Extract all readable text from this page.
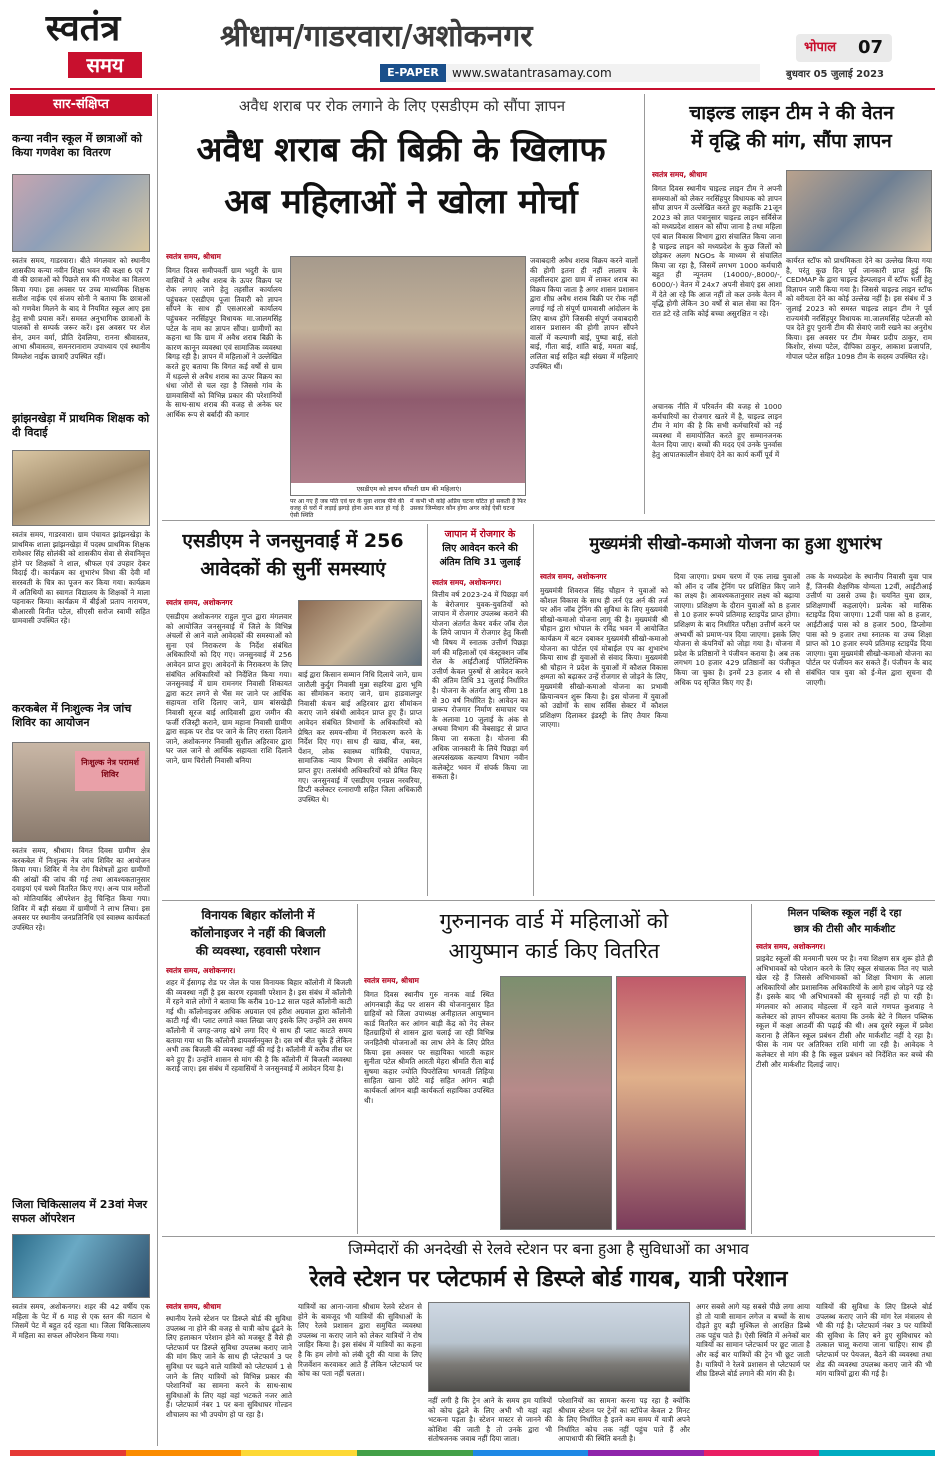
स्वतंत्र
समय
श्रीधाम/गाडरवारा/अशोकनगर
E-PAPER	www.swatantrasamay.com
भोपाल 07
बुधवार 05 जुलाई 2023
सार-संक्षिप्त
कन्या नवीन स्कूल में छात्राओं को किया गणवेश का वितरण
स्वतंत्र समय, गाडरवारा। बीते मंगलवार को स्थानीय शासकीय कन्या नवीन शिक्षा भवन की कक्षा 6 एवं 7 वी की छात्राओं को पिछले सत्र की गणवेश का वितरण किया गया। इस अवसर पर उच्च माध्यमिक शिक्षक सतीश नाईक एवं संजय सोनी ने बताया कि छात्राओं को गणवेश मिलने के बाद वे नियमित स्कूल आए इस हेतु सभी प्रयास करें। समस्त अनुभागिक छात्राओं के पालकों से सम्पर्क जरूर करें। इस अवसर पर शेल सेन, उमन वर्मा, प्रीति देवलिया, रानना श्रीवास्तव, आभा श्रीवास्तव, समनरानाराम उपाध्याय एवं स्थानीय विमलेश नाईक छात्राएँ उपस्थित रहीं।
झांझनखेड़ा में प्राथमिक शिक्षक को दी विदाई
स्वतंत्र समय, गाडरवारा। ग्राम पंचायत झांझनखेड़ा के प्राथमिक शाला झांझनखेड़ा में पदस्थ प्राथमिक शिक्षक रामेश्वर सिंह सोलंकी को शासकीय सेवा से सेवानिवृत्त होने पर शिक्षकों ने शाल, श्रीफल एवं उपहार देकर विदाई दी। कार्यक्रम का शुभारंभ विधा की देवी माँ सरस्वती के चित्र का पूजन कर किया गया। कार्यक्रम में अतिथियों का स्वागत विद्यालय के शिक्षकों ने माला पहनाकर किया। कार्यक्रम में बीईओ प्रताप नारायण, बीआरसी विनीत पटेल, सीएसी सरोज स्वामी सहित ग्रामवासी उपस्थित रहे।
करकबेल में निःशुल्क नेत्र जांच शिविर का आयोजन
निःशुल्क नेत्र परामर्श शिविर
स्वतंत्र समय, श्रीधाम। विगत दिवस ग्रामीण क्षेत्र करकबेल में निःशुल्क नेत्र जांच शिविर का आयोजन किया गया। शिविर में नेत्र रोग विशेषज्ञों द्वारा ग्रामीणों की आंखों की जांच की गई तथा आवश्यकतानुसार दवाइयां एवं चश्मे वितरित किए गए। अन्य पात्र मरीजों को मोतियाबिंद ऑपरेशन हेतु चिन्हित किया गया। शिविर में बड़ी संख्या में ग्रामीणों ने लाभ लिया। इस अवसर पर स्थानीय जनप्रतिनिधि एवं स्वास्थ्य कार्यकर्ता उपस्थित रहे।
जिला चिकित्सालय में 23वां मेजर सफल ऑपरेशन
स्वतंत्र समय, अशोकनगर। शहर की 42 वर्षीय एक महिला के पेट में 6 माह से एक स्तन की गठान थे जिसमें पेट में बहुत दर्द रहता था। जिला चिकित्सालय में महिला का सफल ऑपरेशन किया गया।
अवैध शराब पर रोक लगाने के लिए एसडीएम को सौंपा ज्ञापन
अवैध शराब की बिक्री के खिलाफ
अब महिलाओं ने खोला मोर्चा
स्वतंत्र समय, श्रीधाम
विगत दिवस समीपवर्ती ग्राम भदुरी के ग्राम वासियों ने अवैध शराब के ऊपर विक्रय पर रोक लगाए जाने हेतु तहसील कार्यालय पहुंचकर एसडीएम पूजा तिवारी को ज्ञापन सौंपने के साथ ही एसआरओ कार्यालय पहुंचकर नरसिंहपुर विधायक मा.जालमसिंह पटेल के नाम का ज्ञापन सौंपा। ग्रामीणों का कहना था कि ग्राम में अवैध शराब बिक्री के कारण कानून व्यवस्था एवं सामाजिक व्यवस्था बिगड़ रही है। ज्ञापन में महिलाओं ने उल्लेखित करते हुए बताया कि विगत कई वर्षों से ग्राम में धड़ल्ले से अवैध शराब का ऊपर विक्रय का धंधा जोरों से चल रहा है जिससे गांव के ग्रामवासियों को विभिन्न प्रकार की परेशानियों के साथ-साथ शराब की वजह से अनेक घर आर्थिक रूप से बर्बादी की कगार
एसडीएम को ज्ञापन सौंपती ग्राम की महिलाएं।
पर आ गए हैं जब पति एवं घर के युवा शराब पीने की वजह से घरों में लड़ाई झगड़े होना आम बात हो गई है ऐसी स्थिति
में कभी भी कोई अप्रिय घटना घटित हो सकती है फिर उसका जिम्मेदार कौन होगा अगर कोई ऐसी घटना
जवाबदारी अवैध शराब विक्रय करने वालों की होगी इतना ही नहीं लालाच के तहसीलदार द्वारा ग्राम में लाकर शराब का विक्रय किया जाता है अगर शासन प्रशासन द्वारा शीघ्र अवैध शराब बिक्री पर रोक नहीं लगाई गई तो संपूर्ण ग्रामवासी आंदोलन के लिए बाध्य होंगे जिसकी संपूर्ण जवाबदारी शासन प्रशासन की होगी ज्ञापन सौंपने वालों में कल्याणी बाई, पुष्पा बाई, संतो बाई, गीता बाई, शांति बाई, ममता बाई, ललिता बाई सहित बड़ी संख्या में महिलाएं उपस्थित थीं।
चाइल्ड लाइन टीम ने की वेतन
में वृद्धि की मांग, सौंपा ज्ञापन
स्वतंत्र समय, श्रीधाम
विगत दिवस स्थानीय चाइल्ड लाइन टीम ने अपनी समस्याओं को लेकर नरसिंहपुर विधायक को ज्ञापन सौंपा ज्ञापन में उल्लेखित करते हुए कहाकि 21जून 2023 को ज्ञात पत्रानुसार चाइल्ड लाइन सर्विसेज को मध्यप्रदेश शासन को सौंपा जाना है तथा महिला एवं बाल विकास विभाग द्वारा संचालित किया जाना है चाइल्ड लाइन को मध्यप्रदेश के कुछ जिलों को छोड़कर अलग NGOs के माध्यम से संचालित किया जा रहा है, जिसमें लगभग 1000 कर्मचारी बहुत ही न्यूनतम (14000/-,8000/-, 6000/-) वेतन में 24x7 अपनी सेवाएं इस आशा में देते आ रहे कि आज नहीं तो कल उनके वेतन में वृद्धि होगी लेकिन 30 वर्षों से बाल सेवा का दिन-रात डटे रहे ताकि कोई बच्चा असुरक्षित न रहे।
अचानक नीति में परिवर्तन की वजह से 1000 कर्मचारियों का रोजगार खतरे में है, चाइल्ड लाइन टीम ने मांग की है कि सभी कर्मचारियों को नई व्यवस्था में समायोजित करते हुए सम्मानजनक वेतन दिया जाए। बच्चों की मदद एवं उनके पुनर्वास हेतु आपातकालीन सेवाएं देने का कार्य कर्मी पूर्व में
कार्यरत स्टॉफ को प्राथमिकता देने का उल्लेख किया गया है, परंतु कुछ दिन पूर्व जानकारी प्राप्त हुई कि CEDMAP के द्वारा चाइल्ड हेल्पलाइन में स्टॉफ भर्ती हेतु विज्ञापन जारी किया गया है। जिससे चाइल्ड लाइन स्टॉफ को वरीयता देने का कोई उल्लेख नहीं है। इस संबंध में 3 जुलाई 2023 को समस्त चाइल्ड लाइन टीम ने पूर्व राज्यमंत्री नरसिंहपुर विधायक मा.जालमसिंह पटेलजी को पत्र देते हुए पुरानी टीम की सेवाएं जारी रखने का अनुरोध किया। इस अवसर पर टीम मेम्बर प्रदीप ठाकुर, राम किशोर, संध्या पटेल, दीपिका ठाकुर, आकाश प्रजापति, गोपाल पटेल सहित 1098 टीम के सदस्य उपस्थित रहे।
एसडीएम ने जनसुनवाई में 256
आवेदकों की सुनीं समस्याएं
स्वतंत्र समय, अशोकनगर
एसडीएम अशोकनगर राहुल गुप्त द्वारा मंगलवार को आयोजित जनसुनवाई में जिले के विभिन्न अंचलों से आने वाले आवेदकों की समस्याओं को सुना एवं निराकरण के निर्देश संबंधित अधिकारियों को दिए गए। जनसुनवाई में 256 आवेदन प्राप्त हुए। आवेदनों के निराकरण के लिए संबंधित अधिकारियों को निर्देशित किया गया। जनसुनवाई में ग्राम रामनगर निवासी शिकायत द्वारा कटर लगने से भैंस मर जाने पर आर्थिक सहायता राशि दिलाए जाने, ग्राम बांसखेड़ी निवासी सूरज बाई आदिवासी द्वारा जमीन की फर्जी रजिस्ट्री कराने, ग्राम महाना निवासी ग्रामीण द्वारा सड़क पर रोड पर जाने के लिए रास्ता दिलाने जाने, अशोकनगर निवासी सुशील अहिरवार द्वारा घर जल जाने से आर्थिक सहायता राशि दिलाने जाने, ग्राम चिरोली निवासी बनिया
बाई द्वारा किसान सम्मान निधि दिलाये जाने, ग्राम जारौली कुर्दुग निवासी मुन्ना सहरिया द्वारा भूमि का सीमांकन कराए जाने, ग्राम हाडवालपुर निवासी कंचन बाई अहिरवार द्वारा सीमांकन कराए जाने संबंधी आवेदन प्राप्त हुए हैं। प्राप्त आवेदन संबंधित विभागों के अधिकारियों को प्रेषित कर समय-सीमा में निराकरण करने के निर्देश दिए गए। साथ ही खाद्य, बीज, बस, पेंशन, लोक स्वास्थ्य यांत्रिकी, पंचायत, सामाजिक न्याय विभाग से संबंधित आवेदन प्राप्त हुए। तत्संबंधी अधिकारियों को प्रेषित किए गए। जनसुनवाई में एसडीएम एनप्रस नरवरिया, डिप्टी कलेक्टर रत्नाराणी सहित जिला अधिकारी उपस्थित थे।
जापान में रोजगार के
लिए आवेदन करने की
अंतिम तिथि 31 जुलाई
स्वतंत्र समय, अशोकनगर।
वित्तीय वर्ष 2023-24 में पिछड़ा वर्ग के बेरोजगार युवक-युवतियों को जापान में रोजगार उपलब्ध कराने की योजना अंतर्गत केयर वर्कर जॉब रोल के लिये जापान में रोजगार हेतु किसी भी विषय में स्नातक उत्तीर्ण पिछड़ा वर्ग की महिलाओं एवं कंस्ट्रक्शन जॉब रोल के आईटीआई पॉलिटेक्निक उत्तीर्ण केवल पुरुषों से आवेदन करने की अंतिम तिथि 31 जुलाई निर्धारित है। योजना के अंतर्गत आयु सीमा 18 से 30 वर्ष निर्धारित है। आवेदन का प्रारूप रोजगार निर्माण समाचार पत्र के अलावा 10 जुलाई के अंक से अथवा विभाग की वेबसाइट से प्राप्त किया जा सकता है। योजना की अधिक जानकारी के लिये पिछड़ा वर्ग अल्पसंख्यक कल्याण विभाग नवीन कलेक्ट्रेट भवन में संपर्क किया जा सकता है।
मुख्यमंत्री सीखो-कमाओ योजना का हुआ शुभारंभ
स्वतंत्र समय, अशोकनगर
मुख्यमंत्री शिवराज सिंह चौहान ने युवाओं को कौशल विकास के साथ ही लर्न एंड अर्न की तर्ज पर ऑन जॉब ट्रेनिंग की सुविधा के लिए मुख्यमंत्री सीखो-कमाओ योजना लागू की है। मुख्यमंत्री श्री चौहान द्वारा भोपाल के रविंद्र भवन में आयोजित कार्यक्रम में बटन दबाकर मुख्यमंत्री सीखो-कमाओ योजना का पोर्टल एवं मोबाईल एप का शुभारंभ किया साथ ही युवाओं से संवाद किया। मुख्यमंत्री श्री चौहान ने प्रदेश के युवाओं में कौशल विकास क्षमता को बढ़ाकर उन्हें रोजगार से जोड़ने के लिए, मुख्यमंत्री सीखो-कमाओ योजना का प्रभावी क्रियान्वयन शुरू किया है। इस योजना में युवाओं को उद्योगों के साथ सर्विस सेक्टर में कौशल प्रशिक्षण दिलाकर इंडस्ट्री के लिए तैयार किया जाएगा।
दिया जाएगा। प्रथम चरण में एक लाख युवाओं को ऑन द जॉब ट्रेनिंग पर प्रशिक्षित किए जाने का लक्ष्य है। आवश्यकतानुसार लक्ष्य को बढ़ाया जाएगा। प्रशिक्षण के दौरान युवाओं को 8 हजार से 10 हजार रूपये प्रतिमाह स्टाइपेंड प्राप्त होगा। प्रशिक्षण के बाद निर्धारित परीक्षा उत्तीर्ण करने पर अभ्यर्थी को प्रमाण-पत्र दिया जाएगा। इसके लिए योजना से कंपनियों को जोड़ा गया है। योजना में प्रदेश के प्रतिष्ठानों ने पंजीयन कराया है। अब तक लगभग 10 हजार 429 प्रतिष्ठानों का पंजीकृत किया जा चुका है। इनमें 23 हजार 4 सौ से अधिक पद सृजित किए गए हैं।
तक के मध्यप्रदेश के स्थानीय निवासी युवा पात्र हैं, जिनकी शैक्षणिक योग्यता 12वीं, आईटीआई उत्तीर्ण या उससे उच्च है। चयनित युवा छात्र, प्रशिक्षणार्थी कहलाएंगे। प्रत्येक को मासिक स्टाइपेंड दिया जाएगा। 12वीं पास को 8 हजार, आईटीआई पास को 8 हजार 500, डिप्लोमा पास को 9 हजार तथा स्नातक या उच्च शिक्षा प्राप्त को 10 हजार रुपये प्रतिमाह स्टाइपेंड दिया जाएगा। युवा मुख्यमंत्री सीखो-कमाओ योजना का पोर्टल पर पंजीयन कर सकते हैं। पंजीयन के बाद संबंधित पात्र युवा को ई-मेल द्वारा सूचना दी जाएगी।
विनायक बिहार कॉलोनी में
कॉलोनाइजर ने नहीं की बिजली
की व्यवस्था, रहवासी परेशान
स्वतंत्र समय, अशोकनगर।
शहर में ईसागढ़ रोड पर जेल के पास विनायक बिहार कॉलोनी में बिजली की व्यवस्था नहीं है इस कारण रहवासी परेशान है। इस संबंध में कॉलोनी में रहने वाले लोगों ने बताया कि करीब 10-12 साल पहले कॉलोनी काटी गई थी। कॉलोनाइजर अधिक अग्रवाल एवं हरीश अग्रवाल द्वारा कॉलोनी काटी गई थी। प्लाट लगाते वक्त लिखा जाए इसके लिए उन्होंने उस समय कॉलोनी में जगह-जगह खंभे लगा दिए थे साथ ही प्लाट काटते समय बताया गया था कि कॉलोनी डायवर्सनयुक्त है। दस वर्ष बीत चुके हैं लेकिन अभी तक बिजली की व्यवस्था नहीं की गई है। कॉलोनी में करीब तीस घर बने हुए हैं। उन्होंने शासन से मांग की है कि कॉलोनी में बिजली व्यवस्था कराई जाए। इस संबंध में रहवासियों ने जनसुनवाई में आवेदन दिया है।
गुरुनानक वार्ड में महिलाओं को
आयुष्मान कार्ड किए वितरित
स्वतंत्र समय, श्रीधाम
विगत दिवस स्थानीय गुरु नानक वार्ड स्थित आंगनबाड़ी केंद्र पर शासन की योजनानुसार हित ग्राहियों को जिला उपाध्यक्ष अनीहातल आयुष्मान कार्ड वितरित कर आंगन बाड़ी केंद्र को नेद लेकर हितग्राहियों से शासन द्वारा चलाई जा रही विभिन्न जनहितैषी योजनाओं का लाभ लेने के लिए प्रेरित किया इस अवसर पर सहायिका भारती कहार सुनीता पटेल श्रीमति आरती मेहरा श्रीमति रीता बाई सुषमा कहार ज्योति पिपरोलिया भगवती लिहिया साहिता खाना छोटे वाई सहित आंगन बाड़ी कार्यकर्ता आंगन बाड़ी कार्यकर्ता सहायिका उपस्थित थी।
मिलन पब्लिक स्कूल नहीं दे रहा
छात्र की टीसी और मार्कशीट
स्वतंत्र समय, अशोकनगर।
प्राइवेट स्कूलों की मनमानी चरम पर है। नया शिक्षण सत्र शुरू होते ही अभिभावकों को परेशान करने के लिए स्कूल संचालक नित नए चाले खेल रहे हैं जिससे अभिभावकों को शिक्षा विभाग के आला अधिकारियों और प्रशासनिक अधिकारियों के आगे हाथ जोड़ने पड़ रहे हैं। इसके बाद भी अभिभावकों की सुनवाई नहीं हो पा रही है। मंगलवार को आजाद मोहल्ला में रहने वाले गणपत कुशवाह ने कलेक्टर को ज्ञापन सौंपकर बताया कि उनके बेटे ने मिलन पब्लिक स्कूल में कक्षा आठवीं की पढ़ाई की थी। अब दूसरे स्कूल में प्रवेश कराना है लेकिन स्कूल प्रबंधन टीसी और मार्कशीट नहीं दे रहा है। फीस के नाम पर अतिरिक्त राशि मांगी जा रही है। आवेदक ने कलेक्टर से मांग की है कि स्कूल प्रबंधन को निर्देशित कर बच्चे की टीसी और मार्कशीट दिलाई जाए।
जिम्मेदारों की अनदेखी से रेलवे स्टेशन पर बना हुआ है सुविधाओं का अभाव
रेलवे स्टेशन पर प्लेटफार्म से डिस्प्ले बोर्ड गायब, यात्री परेशान
स्वतंत्र समय, श्रीधाम
स्थानीय रेलवे स्टेशन पर डिस्प्ले बोर्ड की सुविधा उपलब्ध ना होने की वजह से यात्री कोच ढूंढने के लिए हलाकान परेशान होने को मजबूर हैं वैसे ही प्लेटफार्म पर डिस्प्ले सुविधा उपलब्ध कराए जाने की मांग किए जाने के साथ ही प्लेटफार्म 3 पर सुविधा पर चढ़ने वाले यात्रियों को प्लेटफार्म 1 से जाने के लिए यात्रियों को विभिन्न प्रकार की परेशानियों का सामना करने के साथ-साथ सुविधाओं के लिए यहां वहां भटकते नजर आते हैं। प्लेटफार्म नंबर 1 पर बना सुविधाघर गोल्डन शौचालय का भी उपयोग हो पा रहा है।
यात्रियों का आना-जाना श्रीधाम रेलवे स्टेशन से होने के बावजूद भी यात्रियों की सुविधाओं के लिए रेलवे प्रशासन द्वारा समुचित व्यवस्था उपलब्ध ना कराए जाने को लेकर यात्रियों ने रोष जाहिर किया है। इस संबंध में यात्रियों का कहना है कि हम लोगो को लंबी दूरी की यात्रा के लिए रिजर्वेशन करवाकर आते हैं लेकिन प्लेटफार्म पर कोच का पता नहीं चलता।
नहीं लगी है कि ट्रेन आने के समय हम यात्रियों को कोच ढूंढने के लिए अभी भी यहां वहां भटकना पड़ता है। स्टेशन मास्टर से जानने की कोशिश की जाती है तो उनके द्वारा भी संतोषजनक जवाब नहीं दिया जाता।
परेशानियों का सामना करना पड़ रहा है क्योंकि श्रीधाम स्टेशन पर ट्रेनों का स्टॉपेज केवल 2 मिनट के लिए निर्धारित है इतने कम समय में यात्री अपने निर्धारित कोच तक नहीं पहुंच पाते हैं और आपाधापी की स्थिति बनती है।
अगर सबसे आगे यह सबसे पीछे लगा आया हो तो यात्री सामान लगेज व बच्चों के साथ दौड़ते हुए बड़ी मुश्किल से आरक्षित डिब्बे तक पहुंच पाते हैं। ऐसी स्थिति में अनेकों बार यात्रियों का सामान प्लेटफार्म पर छूट जाता है और कई बार यात्रियों की ट्रेन भी छूट जाती है। यात्रियों ने रेलवे प्रशासन से प्लेटफार्म पर शीघ्र डिस्प्ले बोर्ड लगाने की मांग की है।
यात्रियों की सुविधा के लिए डिस्प्ले बोर्ड उपलब्ध कराए जाने की मांग रेल मंत्रालय से भी की गई है। प्लेटफार्म नंबर 3 पर यात्रियों की सुविधा के लिए बने हुए सुविधाघर को तत्काल चालू कराया जाना चाहिए। साथ ही प्लेटफार्म पर पेयजल, बैठने की व्यवस्था तथा शेड की व्यवस्था उपलब्ध कराए जाने की भी मांग यात्रियों द्वारा की गई है।
